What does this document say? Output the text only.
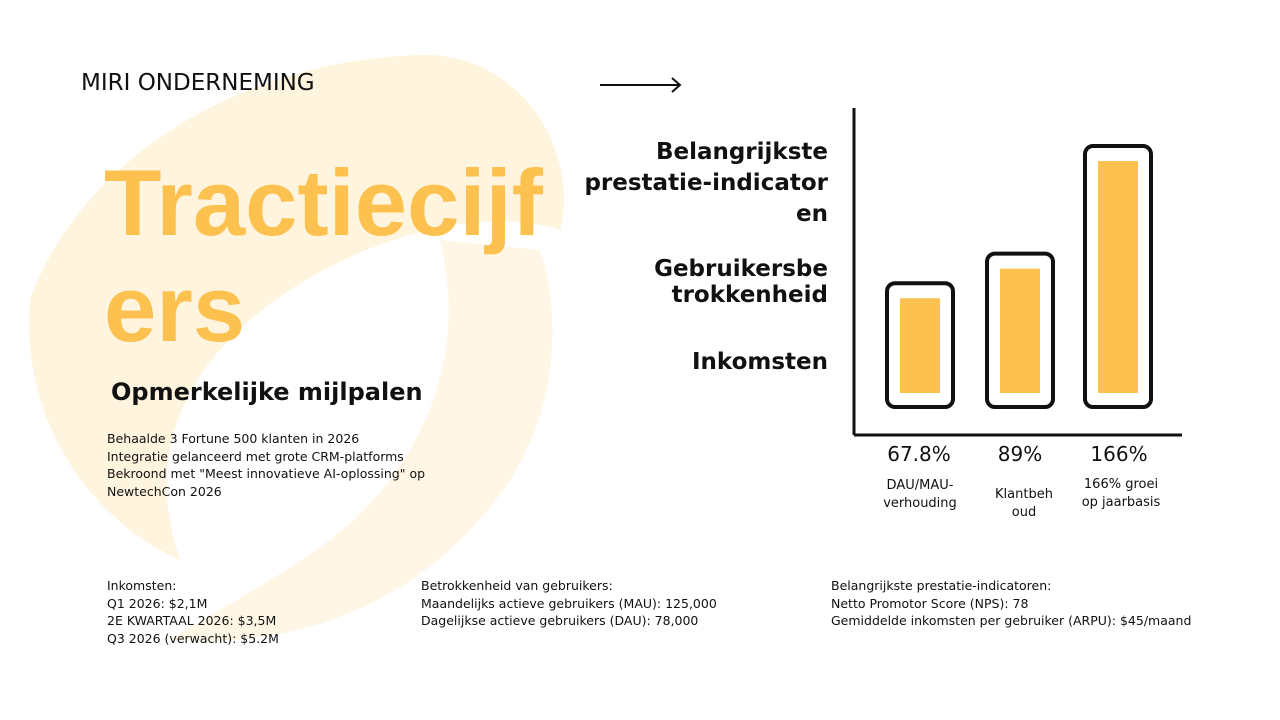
MIRI ONDERNEMING
Tractiecijfers
Opmerkelijke mijlpalen
Behaalde 3 Fortune 500 klanten in 2026
Integratie gelanceerd met grote CRM-platforms
Bekroond met "Meest innovatieve AI-oplossing" op NewtechCon 2026
Belangrijkste prestatie-indicator en
Gebruikersbe trokkenheid
Inkomsten
67.8%	89%	166%
DAU/MAU-verhouding
Klantbeh oud
166% groei op jaarbasis
Inkomsten:
Q1 2026: $2,1M
2E KWARTAAL 2026: $3,5M
Q3 2026 (verwacht): $5.2M
Betrokkenheid van gebruikers:
Maandelijks actieve gebruikers (MAU): 125,000
Dagelijkse actieve gebruikers (DAU): 78,000
Belangrijkste prestatie-indicatoren:
Netto Promotor Score (NPS): 78
Gemiddelde inkomsten per gebruiker (ARPU): $45/maand
